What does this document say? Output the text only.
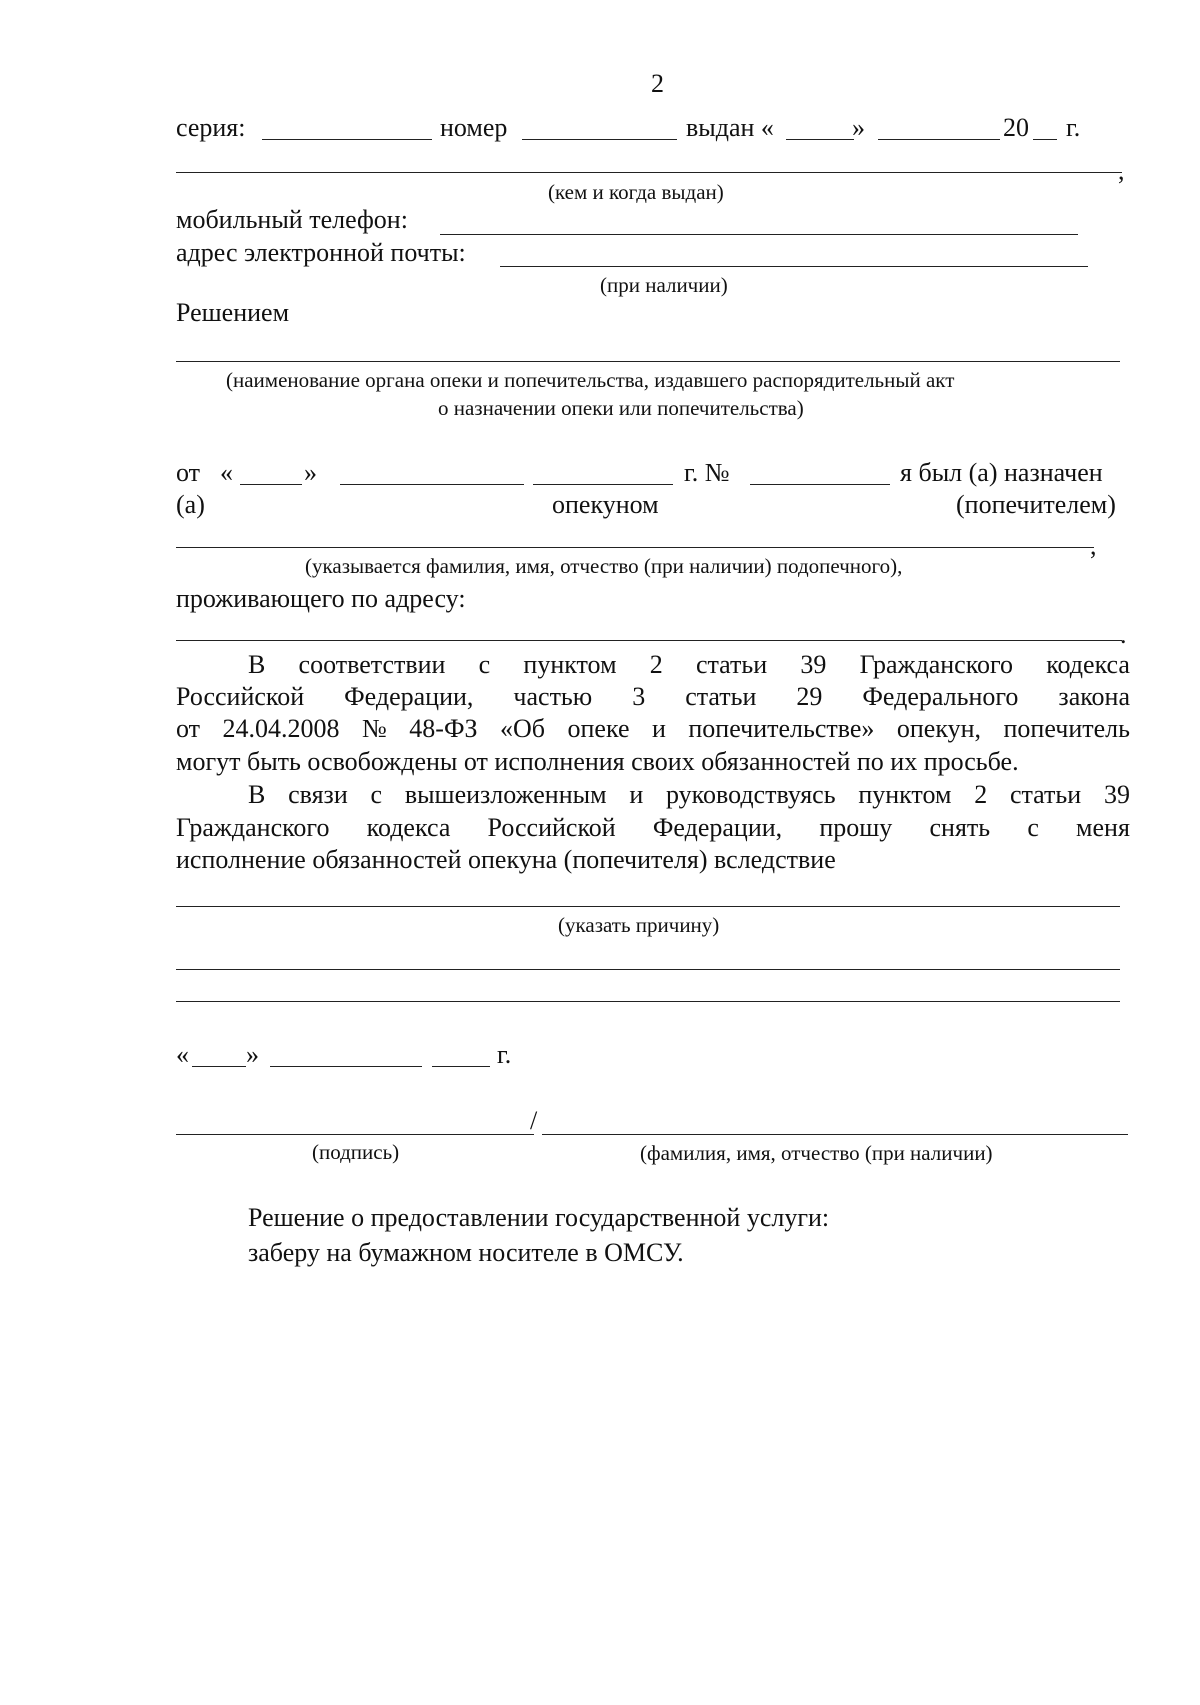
2
серия:	номер	выдан «	»	20 г.
,
(кем и когда выдан)
мобильный телефон:
адрес электронной почты:
(при наличии)
Решением
(наименование органа опеки и попечительства, издавшего распорядительный акт
о назначении опеки или попечительства)
от «	»	г. №	я был (а) назначен
(а)	опекуном	(попечителем)
,
(указывается фамилия, имя, отчество (при наличии) подопечного),
проживающего по адресу:
.
В соответствии с пунктом 2 статьи 39 Гражданского кодекса
Российской Федерации, частью 3 статьи 29 Федерального закона
от 24.04.2008 № 48-ФЗ «Об опеке и попечительстве» опекун, попечитель
могут быть освобождены от исполнения своих обязанностей по их просьбе.
В связи с вышеизложенным и руководствуясь пунктом 2 статьи 39
Гражданского кодекса Российской Федерации, прошу снять с меня
исполнение обязанностей опекуна (попечителя) вследствие
(указать причину)
« »	г.
/
(подпись)	(фамилия, имя, отчество (при наличии)
Решение о предоставлении государственной услуги:
заберу на бумажном носителе в ОМСУ.
